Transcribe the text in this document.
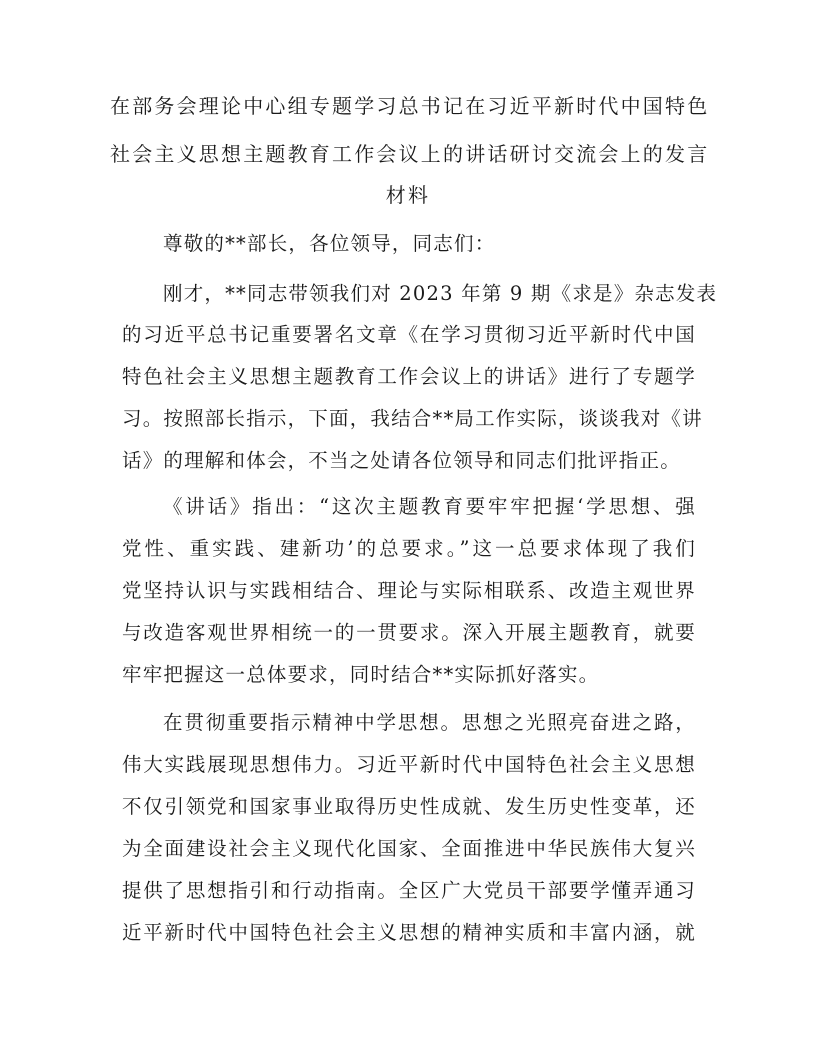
在部务会理论中心组专题学习总书记在习近平新时代中国特色
社会主义思想主题教育工作会议上的讲话研讨交流会上的发言
材料
尊敬的**部长，各位领导，同志们：
刚才，**同志带领我们对 2023 年第 9 期《求是》杂志发表
的习近平总书记重要署名文章《在学习贯彻习近平新时代中国
特色社会主义思想主题教育工作会议上的讲话》进行了专题学
习。按照部长指示，下面，我结合**局工作实际，谈谈我对《讲
话》的理解和体会，不当之处请各位领导和同志们批评指正。
《讲话》指出：“这次主题教育要牢牢把握‘学思想、强
党性、重实践、建新功’的总要求。”这一总要求体现了我们
党坚持认识与实践相结合、理论与实际相联系、改造主观世界
与改造客观世界相统一的一贯要求。深入开展主题教育，就要
牢牢把握这一总体要求，同时结合**实际抓好落实。
在贯彻重要指示精神中学思想。思想之光照亮奋进之路，
伟大实践展现思想伟力。习近平新时代中国特色社会主义思想
不仅引领党和国家事业取得历史性成就、发生历史性变革，还
为全面建设社会主义现代化国家、全面推进中华民族伟大复兴
提供了思想指引和行动指南。全区广大党员干部要学懂弄通习
近平新时代中国特色社会主义思想的精神实质和丰富内涵，就
